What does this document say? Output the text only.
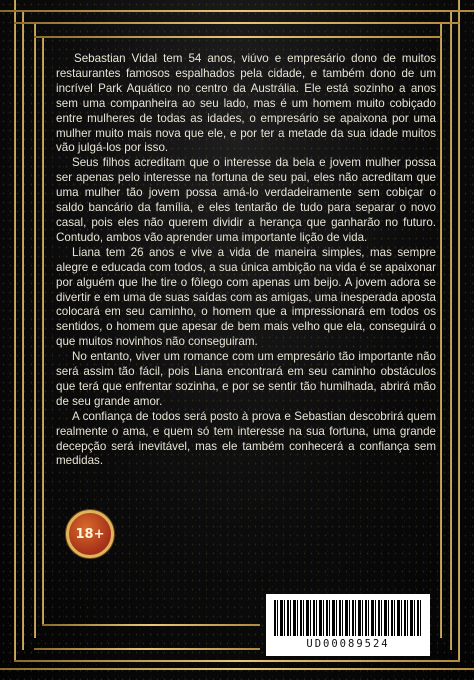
Sebastian Vidal tem 54 anos, viúvo e empresário dono de muitos restaurantes famosos espalhados pela cidade, e também dono de um incrível Park Aquático no centro da Austrália. Ele está sozinho a anos sem uma companheira ao seu lado, mas é um homem muito cobiçado entre mulheres de todas as idades, o empresário se apaixona por uma mulher muito mais nova que ele, e por ter a metade da sua idade muitos vão julgá-los por isso.

Seus filhos acreditam que o interesse da bela e jovem mulher possa ser apenas pelo interesse na fortuna de seu pai, eles não acreditam que uma mulher tão jovem possa amá-lo verdadeiramente sem cobiçar o saldo bancário da família, e eles tentarão de tudo para separar o novo casal, pois eles não querem dividir a herança que ganharão no futuro. Contudo, ambos vão aprender uma importante lição de vida.

Liana tem 26 anos e vive a vida de maneira simples, mas sempre alegre e educada com todos, a sua única ambição na vida é se apaixonar por alguém que lhe tire o fôlego com apenas um beijo. A jovem adora se divertir e em uma de suas saídas com as amigas, uma inesperada aposta colocará em seu caminho, o homem que a impressionará em todos os sentidos, o homem que apesar de bem mais velho que ela, conseguirá o que muitos novinhos não conseguiram.

No entanto, viver um romance com um empresário tão importante não será assim tão fácil, pois Liana encontrará em seu caminho obstáculos que terá que enfrentar sozinha, e por se sentir tão humilhada, abrirá mão de seu grande amor.

A confiança de todos será posto à prova e Sebastian descobrirá quem realmente o ama, e quem só tem interesse na sua fortuna, uma grande decepção será inevitável, mas ele também conhecerá a confiança sem medidas.

18+
UD00089524
